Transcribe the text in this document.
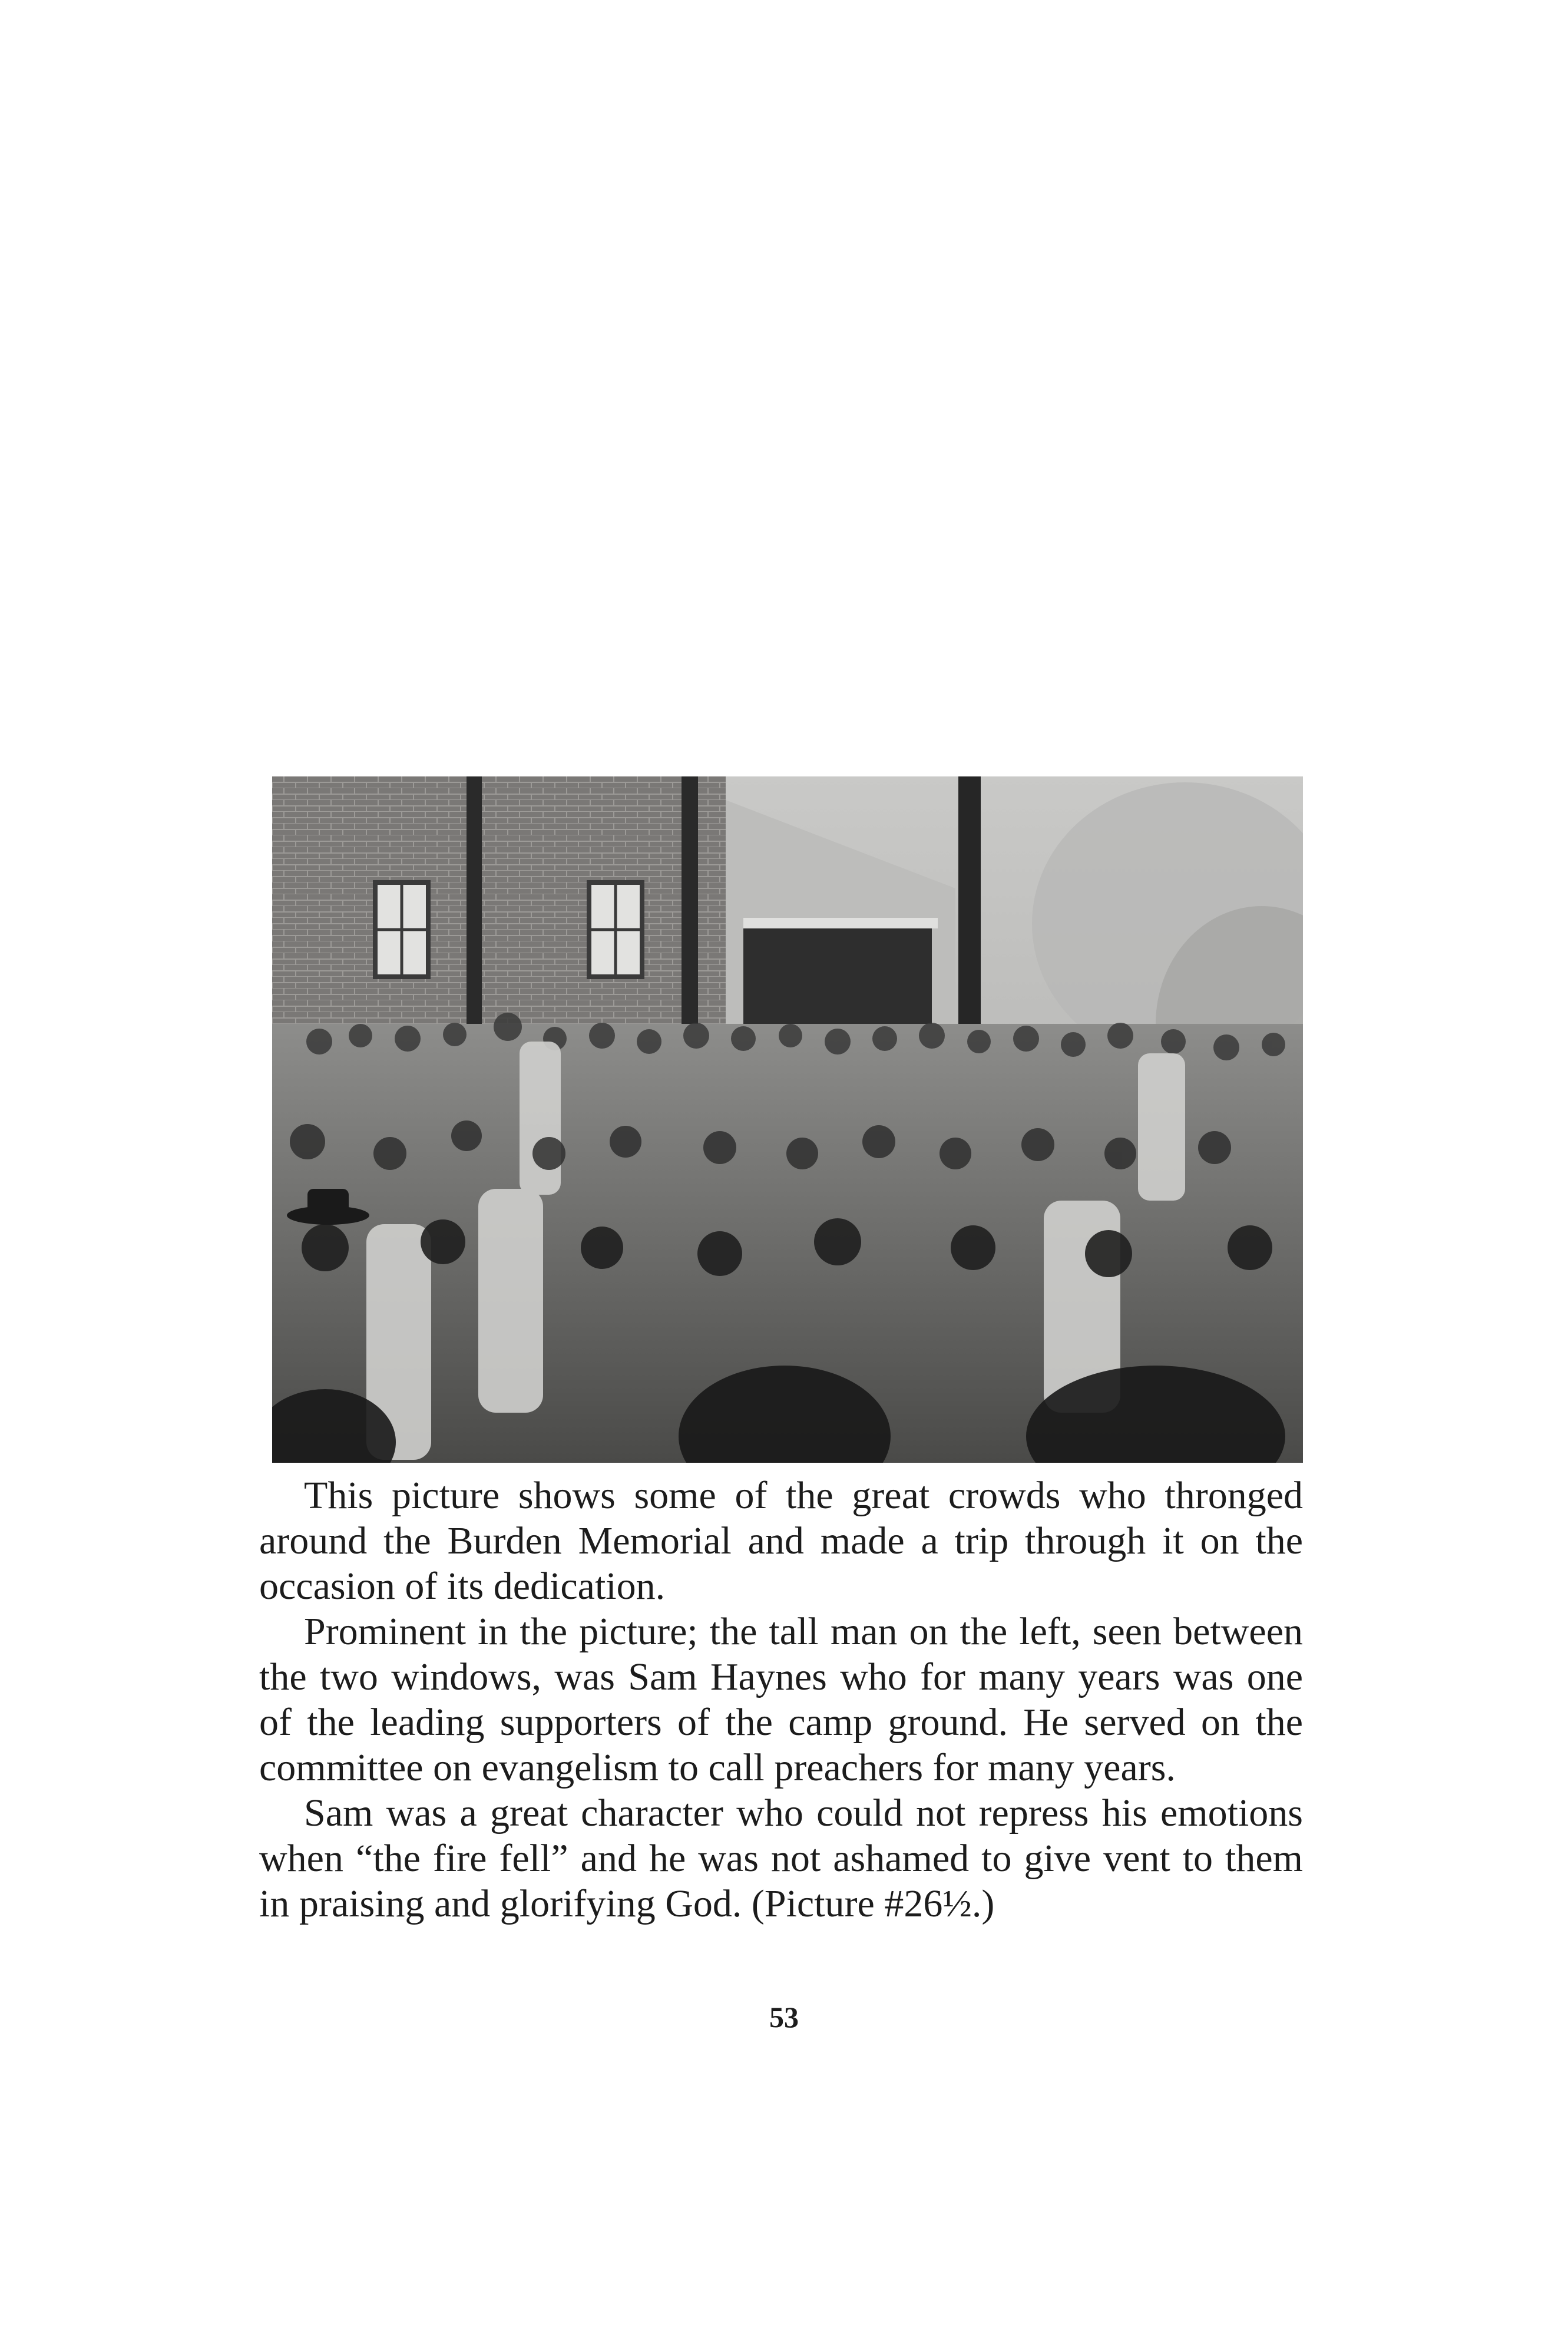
This picture shows some of the great crowds who thronged around the Burden Memorial and made a trip through it on the occasion of its dedication.

Prominent in the picture; the tall man on the left, seen between the two windows, was Sam Haynes who for many years was one of the leading supporters of the camp ground. He served on the committee on evangelism to call preachers for many years.

Sam was a great character who could not repress his emotions when “the fire fell” and he was not ashamed to give vent to them in praising and glorifying God. (Picture #26½.)

53
